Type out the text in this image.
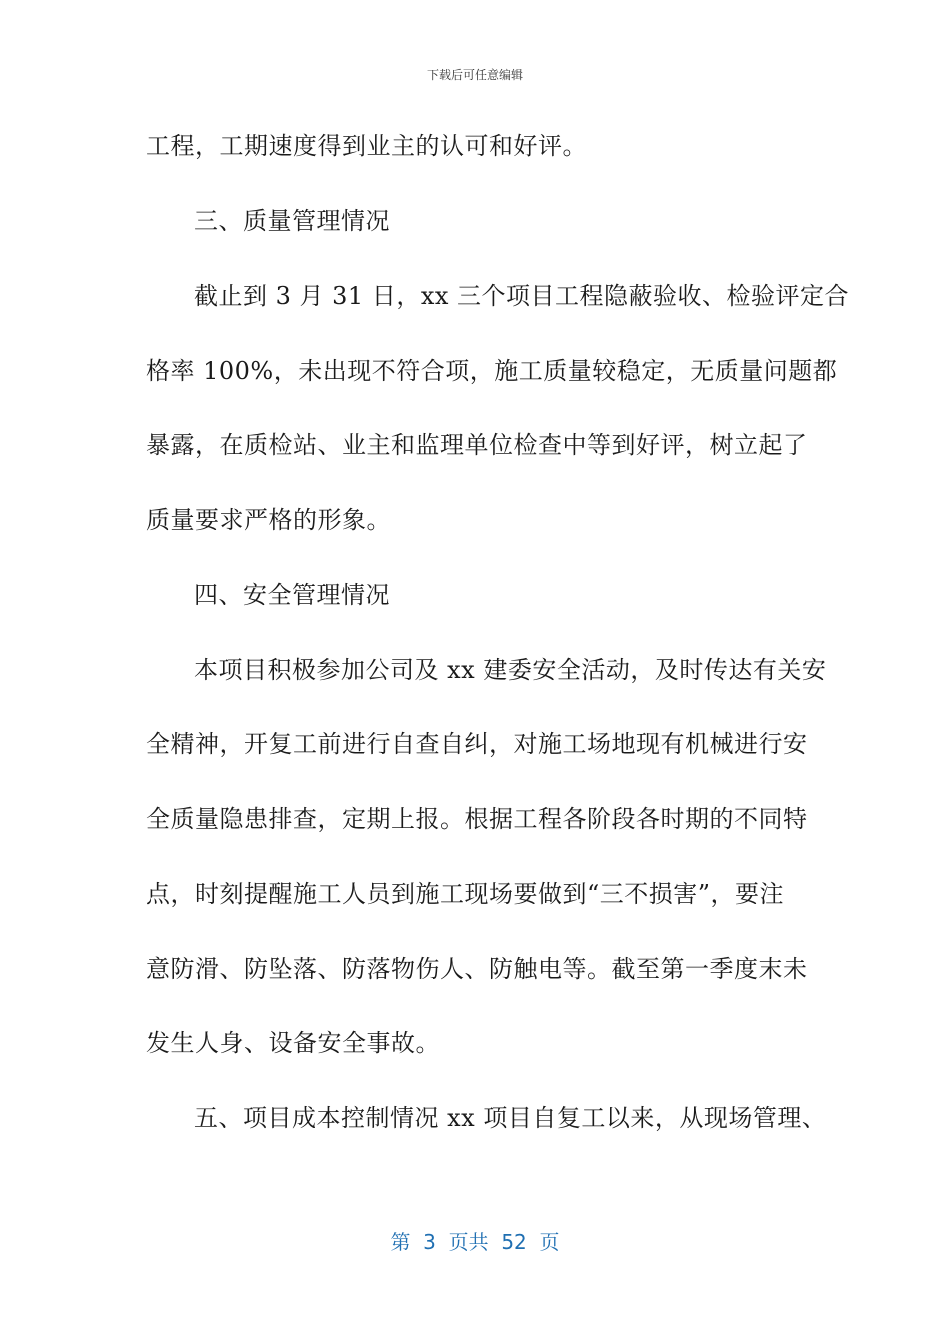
下载后可任意编辑
工程，工期速度得到业主的认可和好评。
三、质量管理情况
截止到 3 月 31 日，xx 三个项目工程隐蔽验收、检验评定合
格率 100%，未出现不符合项，施工质量较稳定，无质量问题都
暴露，在质检站、业主和监理单位检查中等到好评，树立起了
质量要求严格的形象。
四、安全管理情况
本项目积极参加公司及 xx 建委安全活动，及时传达有关安
全精神，开复工前进行自查自纠，对施工场地现有机械进行安
全质量隐患排查，定期上报。根据工程各阶段各时期的不同特
点，时刻提醒施工人员到施工现场要做到“三不损害”，要注
意防滑、防坠落、防落物伤人、防触电等。截至第一季度末未
发生人身、设备安全事故。
五、项目成本控制情况 xx 项目自复工以来，从现场管理、
第  3  页共  52  页
